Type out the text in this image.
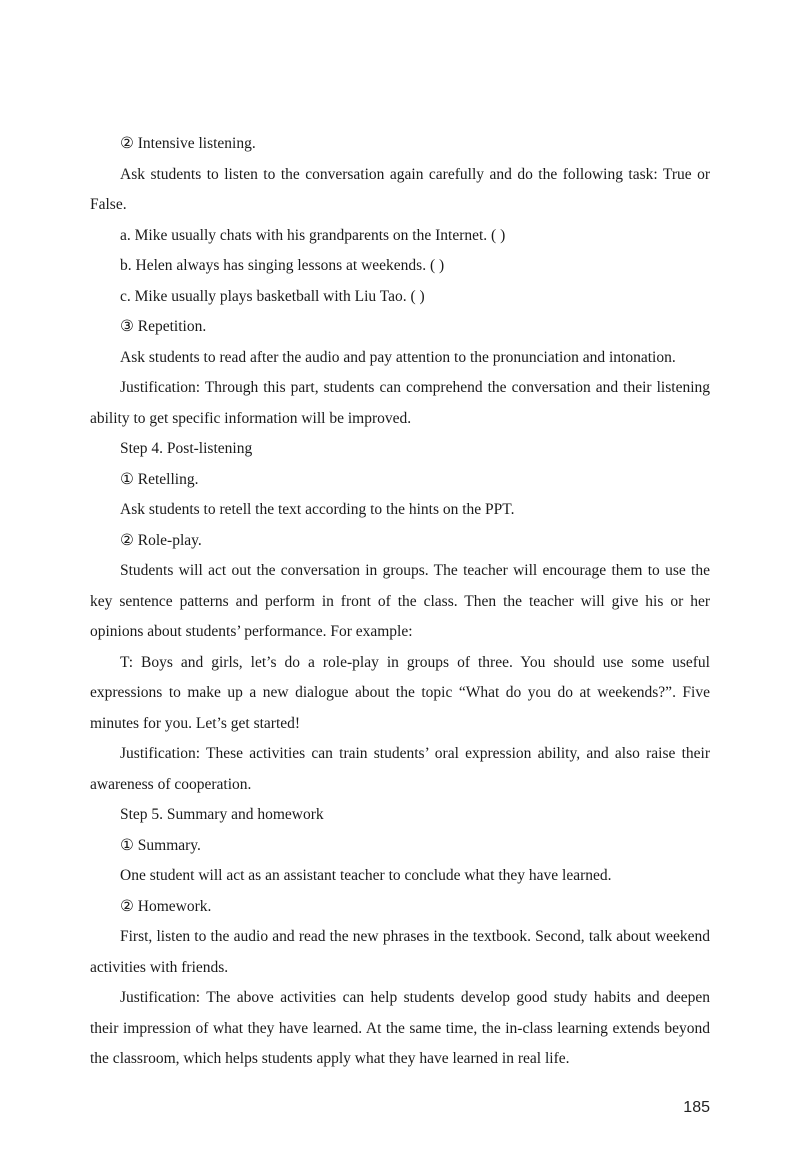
② Intensive listening.

Ask students to listen to the conversation again carefully and do the following task: True or False.

a. Mike usually chats with his grandparents on the Internet. ( )

b. Helen always has singing lessons at weekends. ( )

c. Mike usually plays basketball with Liu Tao. ( )

③ Repetition.

Ask students to read after the audio and pay attention to the pronunciation and intonation.

Justification: Through this part, students can comprehend the conversation and their listening ability to get specific information will be improved.

Step 4. Post-listening

① Retelling.

Ask students to retell the text according to the hints on the PPT.

② Role-play.

Students will act out the conversation in groups. The teacher will encourage them to use the key sentence patterns and perform in front of the class. Then the teacher will give his or her opinions about students’ performance. For example:

T: Boys and girls, let’s do a role-play in groups of three. You should use some useful expressions to make up a new dialogue about the topic “What do you do at weekends?”. Five minutes for you. Let’s get started!

Justification: These activities can train students’ oral expression ability, and also raise their awareness of cooperation.

Step 5. Summary and homework

① Summary.

One student will act as an assistant teacher to conclude what they have learned.

② Homework.

First, listen to the audio and read the new phrases in the textbook. Second, talk about weekend activities with friends.

Justification: The above activities can help students develop good study habits and deepen their impression of what they have learned. At the same time, the in-class learning extends beyond the classroom, which helps students apply what they have learned in real life.

185
